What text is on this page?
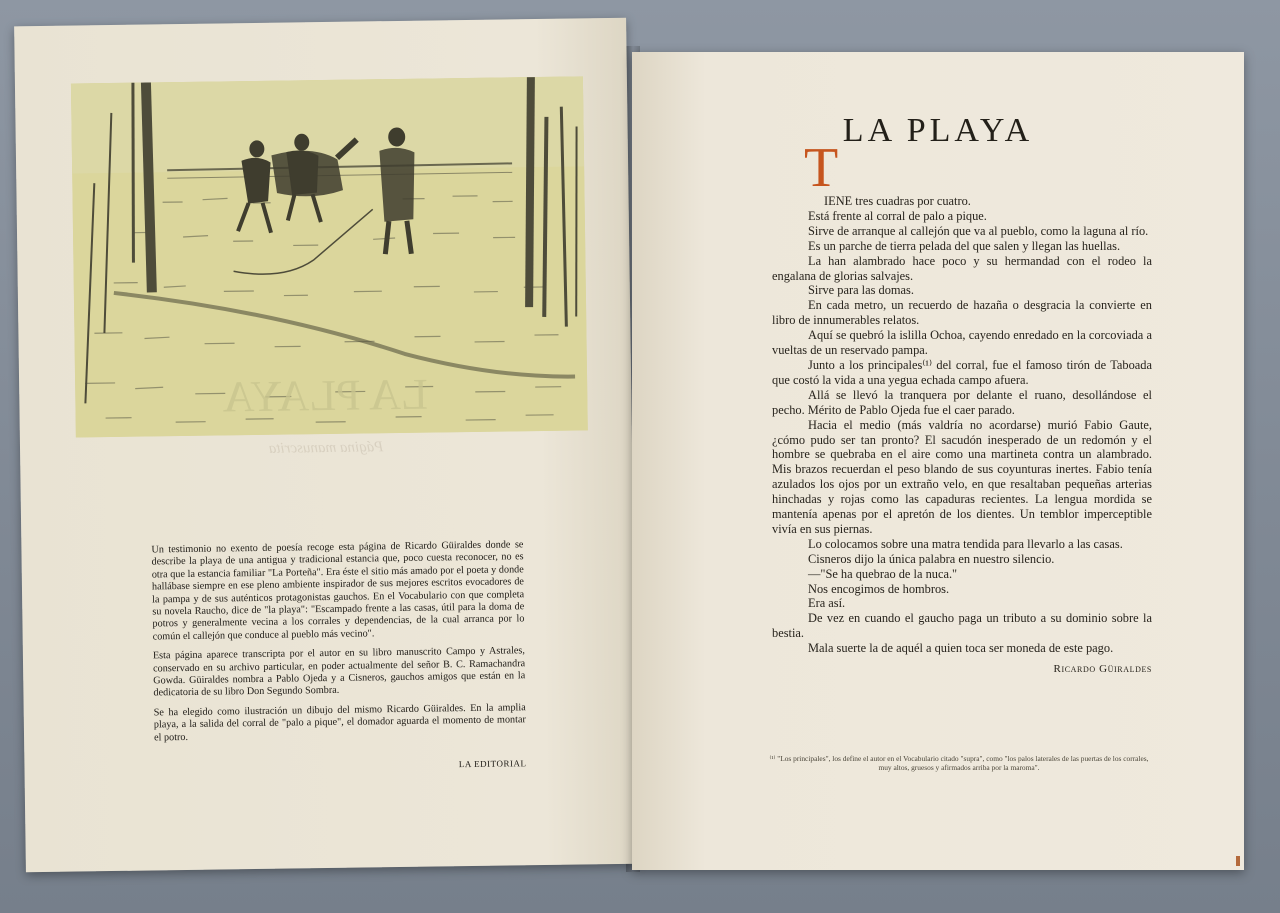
LA PLAYA
Página manuscrita

Un testimonio no exento de poesía recoge esta página de Ricardo Güiraldes donde se describe la playa de una antigua y tradicional estancia que, poco cuesta reconocer, no es otra que la estancia familiar "La Porteña". Era éste el sitio más amado por el poeta y donde hallábase siempre en ese pleno ambiente inspirador de sus mejores escritos evocadores de la pampa y de sus auténticos protagonistas gauchos. En el Vocabulario con que completa su novela Raucho, dice de "la playa": "Escampado frente a las casas, útil para la doma de potros y generalmente vecina a los corrales y dependencias, de la cual arranca por lo común el callejón que conduce al pueblo más vecino".

Esta página aparece transcripta por el autor en su libro manuscrito Campo y Astrales, conservado en su archivo particular, en poder actualmente del señor B. C. Ramachandra Gowda. Güiraldes nombra a Pablo Ojeda y a Cisneros, gauchos amigos que están en la dedicatoria de su libro Don Segundo Sombra.

Se ha elegido como ilustración un dibujo del mismo Ricardo Güiraldes. En la amplia playa, a la salida del corral de "palo a pique", el domador aguarda el momento de montar el potro.

LA EDITORIAL

LA PLAYA
T

IENE tres cuadras por cuatro.

Está frente al corral de palo a pique.

Sirve de arranque al callejón que va al pueblo, como la laguna al río.

Es un parche de tierra pelada del que salen y llegan las huellas.

La han alambrado hace poco y su hermandad con el rodeo la engalana de glorias salvajes.

Sirve para las domas.

En cada metro, un recuerdo de hazaña o desgracia la convierte en libro de innumerables relatos.

Aquí se quebró la islilla Ochoa, cayendo enredado en la corcoviada a vueltas de un reservado pampa.

Junto a los principales⁽¹⁾ del corral, fue el famoso tirón de Taboada que costó la vida a una yegua echada campo afuera.

Allá se llevó la tranquera por delante el ruano, desollándose el pecho. Mérito de Pablo Ojeda fue el caer parado.

Hacia el medio (más valdría no acordarse) murió Fabio Gaute, ¿cómo pudo ser tan pronto? El sacudón inesperado de un redomón y el hombre se quebraba en el aire como una martineta contra un alambrado. Mis brazos recuerdan el peso blando de sus coyunturas inertes. Fabio tenía azulados los ojos por un extraño velo, en que resaltaban pequeñas arterias hinchadas y rojas como las capaduras recientes. La lengua mordida se mantenía apenas por el apretón de los dientes. Un temblor imperceptible vivía en sus piernas.

Lo colocamos sobre una matra tendida para llevarlo a las casas.

Cisneros dijo la única palabra en nuestro silencio.

—"Se ha quebrao de la nuca."

Nos encogimos de hombros.

Era así.

De vez en cuando el gaucho paga un tributo a su dominio sobre la bestia.

Mala suerte la de aquél a quien toca ser moneda de este pago.

Ricardo Güiraldes

⁽¹⁾ "Los principales", los define el autor en el Vocabulario citado "supra", como "los palos laterales de las puertas de los corrales, muy altos, gruesos y afirmados arriba por la maroma".
